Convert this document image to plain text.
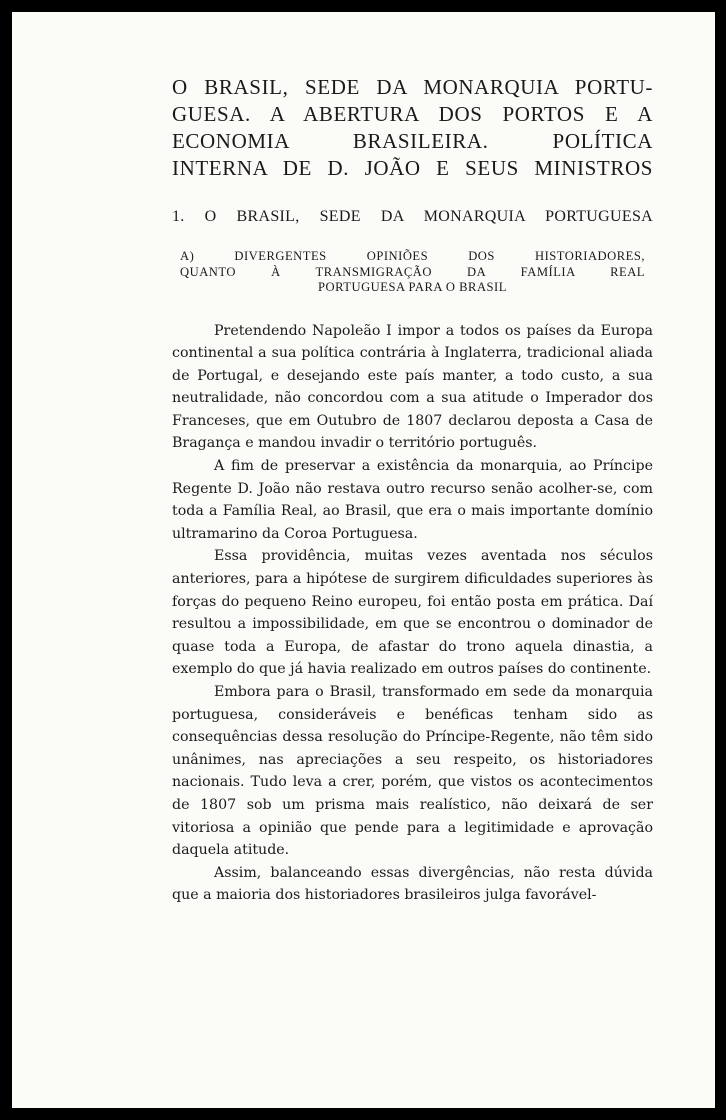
O BRASIL, SEDE DA MONARQUIA PORTU-
GUESA. A ABERTURA DOS PORTOS E A
ECONOMIA BRASILEIRA. POLÍTICA
INTERNA DE D. JOÃO E SEUS MINISTROS
1. O BRASIL, SEDE DA MONARQUIA PORTUGUESA
A) DIVERGENTES OPINIÕES DOS HISTORIADORES,
QUANTO À TRANSMIGRAÇÃO DA FAMÍLIA REAL
PORTUGUESA PARA O BRASIL

Pretendendo Napoleão I impor a todos os países da Europa continental a sua política contrária à Inglaterra, tradicional aliada de Portugal, e desejando este país manter, a todo custo, a sua neutralidade, não concordou com a sua atitude o Imperador dos Franceses, que em Outubro de 1807 declarou deposta a Casa de Bragança e mandou invadir o território português.

A fim de preservar a existência da monarquia, ao Príncipe Regente D. João não restava outro recurso senão acolher-se, com toda a Família Real, ao Brasil, que era o mais importante domínio ultramarino da Coroa Portuguesa.

Essa providência, muitas vezes aventada nos séculos anteriores, para a hipótese de surgirem dificuldades superiores às forças do pequeno Reino europeu, foi então posta em prática. Daí resultou a impossibilidade, em que se encontrou o dominador de quase toda a Europa, de afastar do trono aquela dinastia, a exemplo do que já havia realizado em outros países do continente.

Embora para o Brasil, transformado em sede da monarquia portuguesa, consideráveis e benéficas tenham sido as consequências dessa resolução do Príncipe-Regente, não têm sido unânimes, nas apreciações a seu respeito, os historiadores nacionais. Tudo leva a crer, porém, que vistos os acontecimentos de 1807 sob um prisma mais realístico, não deixará de ser vitoriosa a opinião que pende para a legitimidade e aprovação daquela atitude.

Assim, balanceando essas divergências, não resta dúvida que a maioria dos historiadores brasileiros julga favorável-
